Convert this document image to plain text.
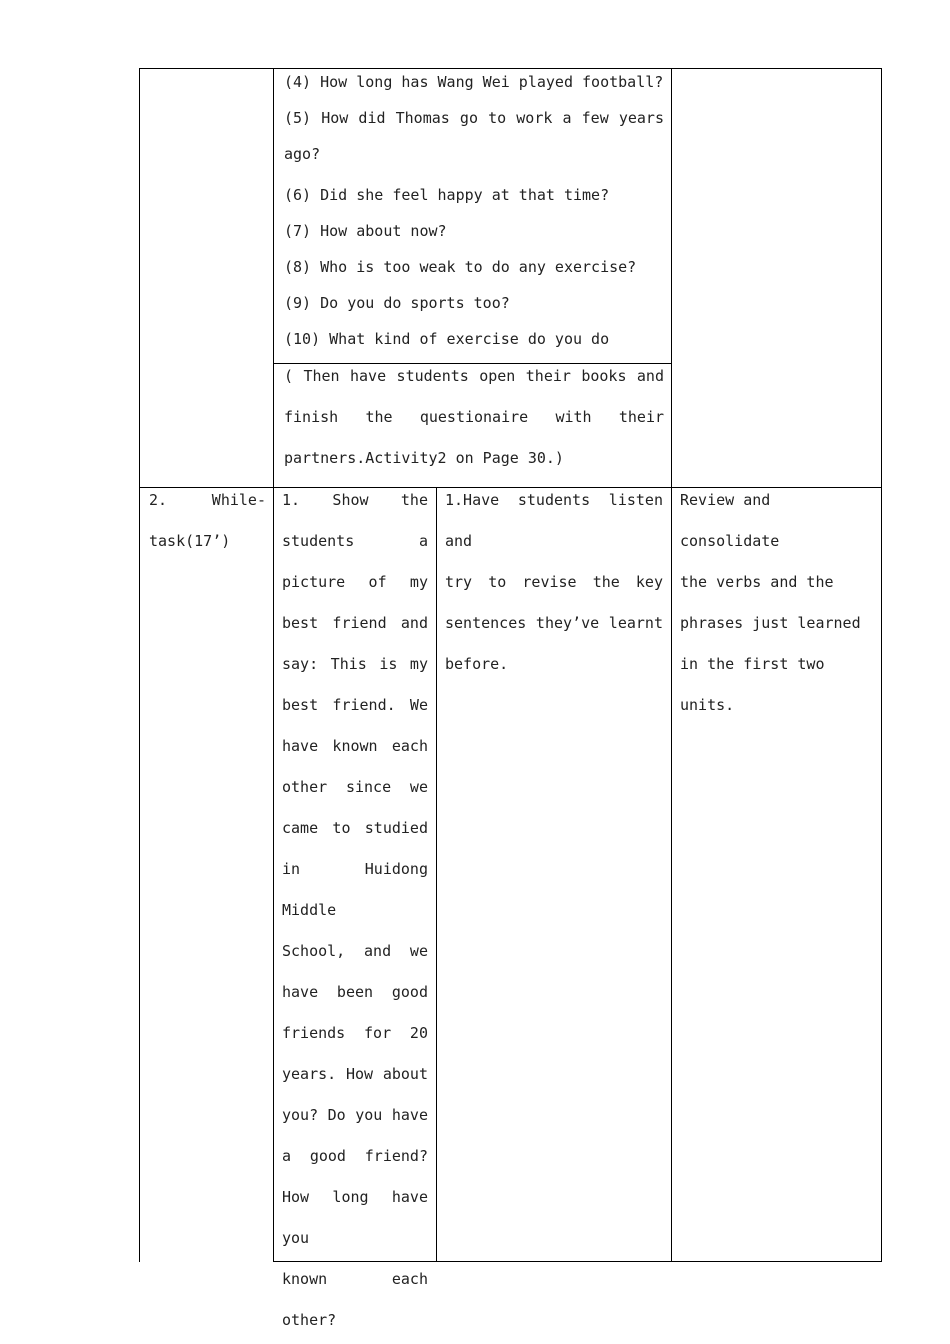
(4) How long has Wang Wei played football?

(5) How did Thomas go to work a few years

ago?

(6) Did she feel happy at that time?

(7) How about now?

(8) Who is too weak to do any exercise?

(9) Do you do sports too?

(10) What kind of exercise do you do

( Then have students open their books and

finish the questionaire with their

partners.Activity2 on Page 30.)

2. While-

task(17’)

1. Show the

students a

picture of my

best friend and

say: This is my

best friend. We

have known each

other since we

came to studied

in Huidong Middle

School, and we

have been good

friends for 20

years. How about

you? Do you have

a good friend?

How long have you

known each other?

1.Have students listen and

try to revise the key

sentences they’ve learnt

before.

Review and consolidate

the verbs and the

phrases just learned

in the first two

units.
